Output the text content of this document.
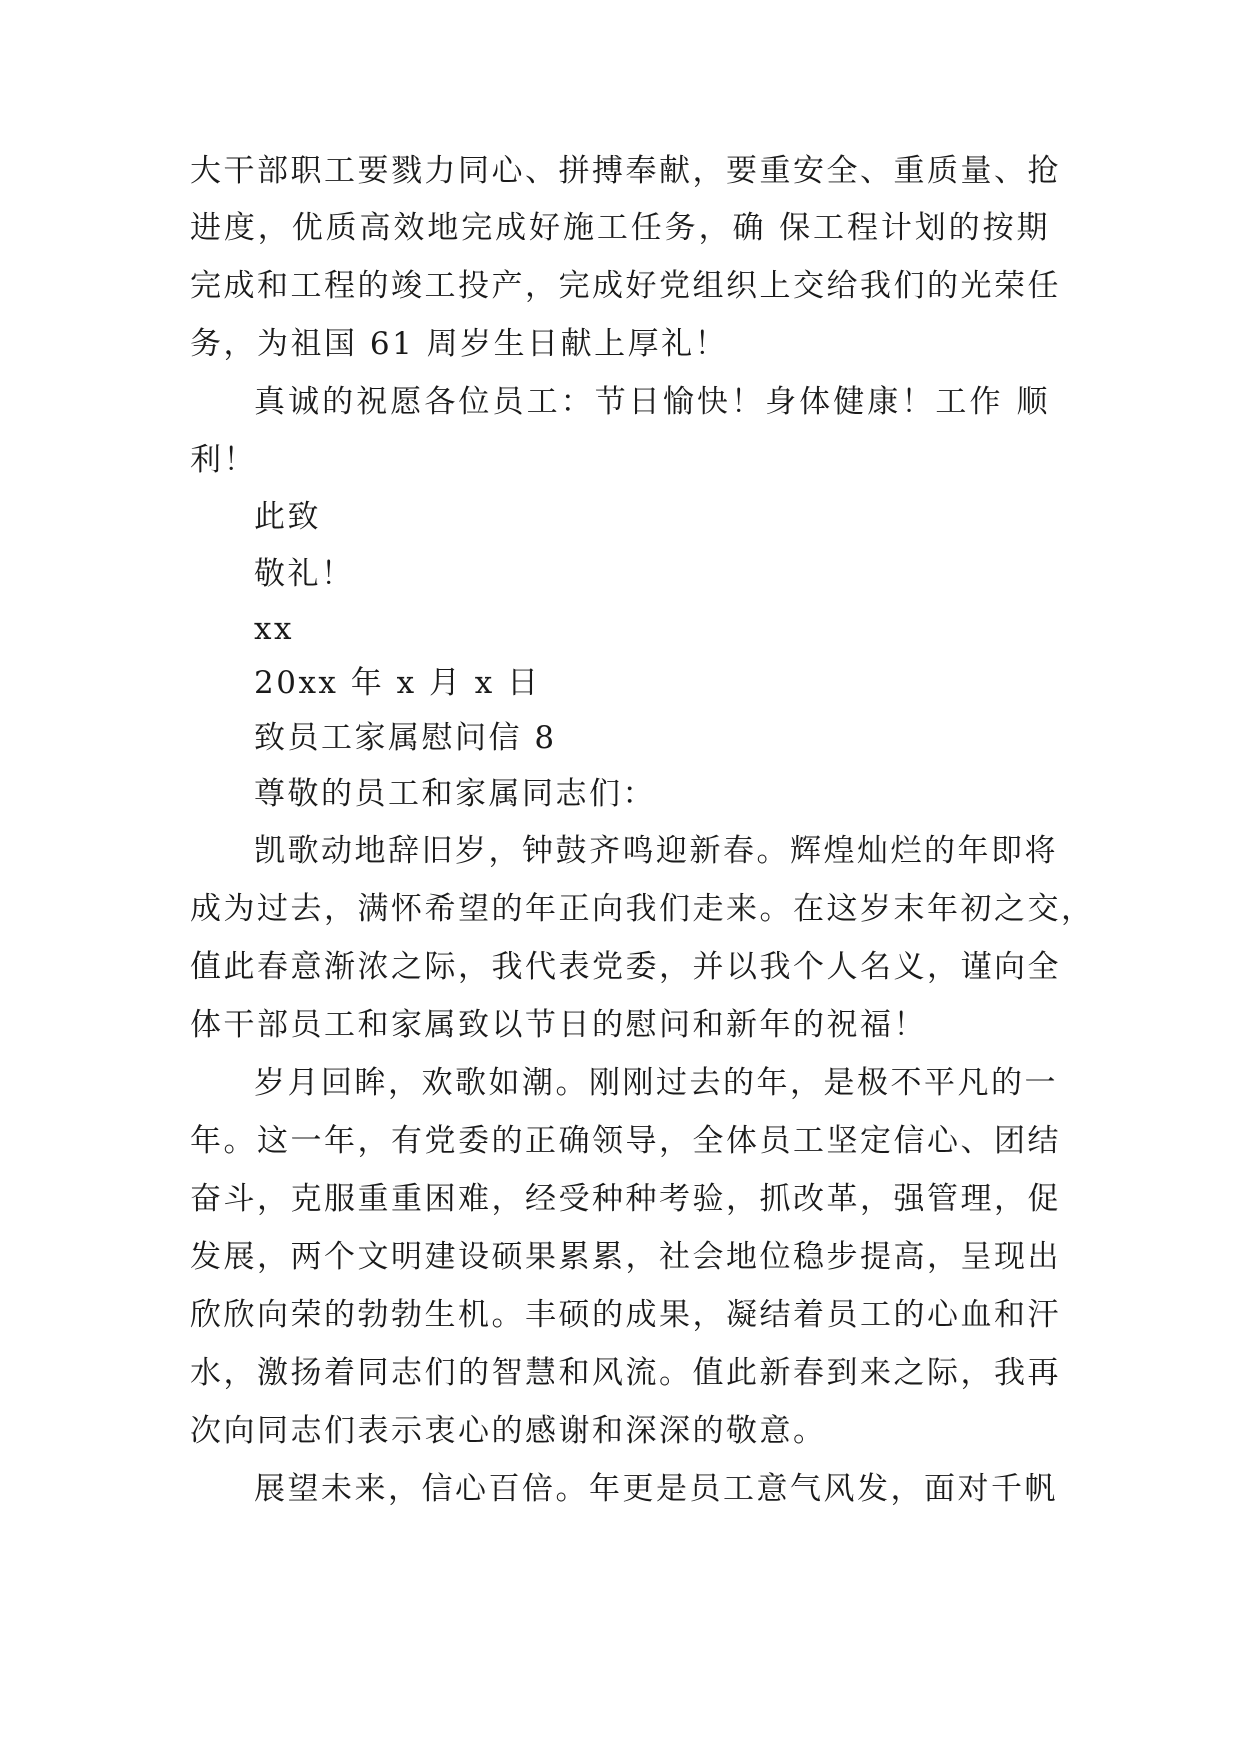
大干部职工要戮力同心、拼搏奉献，要重安全、重质量、抢
进度，优质高效地完成好施工任务，确 保工程计划的按期
完成和工程的竣工投产，完成好党组织上交给我们的光荣任
务，为祖国 61 周岁生日献上厚礼！
真诚的祝愿各位员工：节日愉快！身体健康！工作 顺
利！
此致
敬礼！
xx
20xx 年 x 月 x 日
致员工家属慰问信 8
尊敬的员工和家属同志们：
凯歌动地辞旧岁，钟鼓齐鸣迎新春。辉煌灿烂的年即将
成为过去，满怀希望的年正向我们走来。在这岁末年初之交，
值此春意渐浓之际，我代表党委，并以我个人名义，谨向全
体干部员工和家属致以节日的慰问和新年的祝福！
岁月回眸，欢歌如潮。刚刚过去的年，是极不平凡的一
年。这一年，有党委的正确领导，全体员工坚定信心、团结
奋斗，克服重重困难，经受种种考验，抓改革，强管理，促
发展，两个文明建设硕果累累，社会地位稳步提高，呈现出
欣欣向荣的勃勃生机。丰硕的成果，凝结着员工的心血和汗
水，激扬着同志们的智慧和风流。值此新春到来之际，我再
次向同志们表示衷心的感谢和深深的敬意。
展望未来，信心百倍。年更是员工意气风发，面对千帆
